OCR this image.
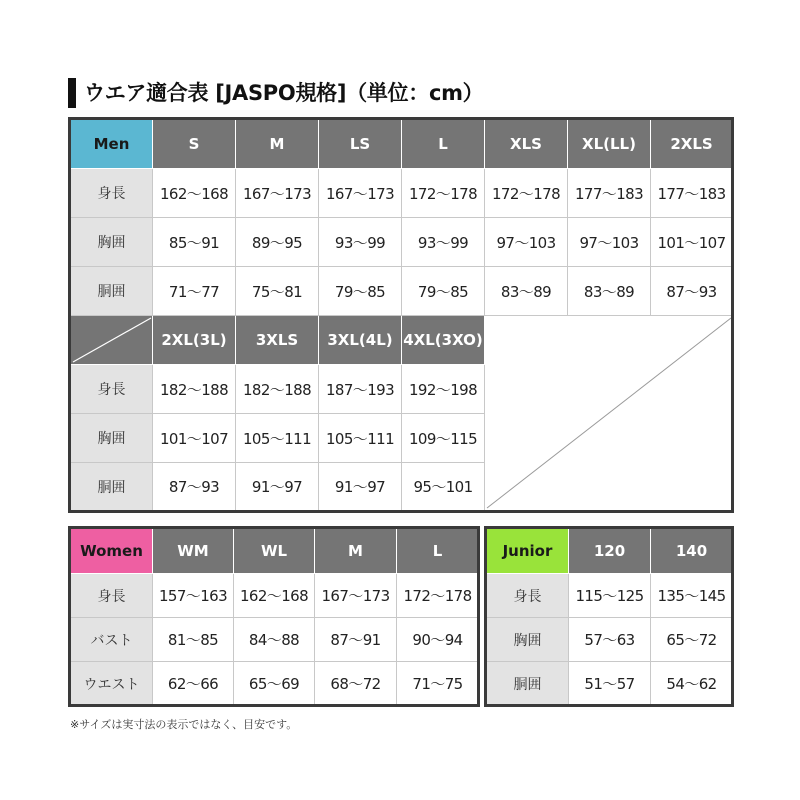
ウエア適合表 [JASPO規格]（単位：cm）
Men	S	M	LS	L	XLS	XL(LL)	2XLS
身長	162～168	167～173	167～173	172～178	172～178	177～183	177～183
胸囲	85～91	89～95	93～99	93～99	97～103	97～103	101～107
胴囲	71～77	75～81	79～85	79～85	83～89	83～89	87～93

	2XL(3L)	3XLS	3XL(4L)	4XL(3XO)	

身長	182～188	182～188	187～193	192～198			
胸囲	101～107	105～111	105～111	109～115			
胴囲	87～93	91～97	91～97	95～101			
Women	WM	WL	M	L
身長	157～163	162～168	167～173	172～178
バスト	81～85	84～88	87～91	90～94
ウエスト	62～66	65～69	68～72	71～75
Junior	120	140
身長	115～125	135～145
胸囲	57～63	65～72
胴囲	51～57	54～62
※サイズは実寸法の表示ではなく、目安です。
